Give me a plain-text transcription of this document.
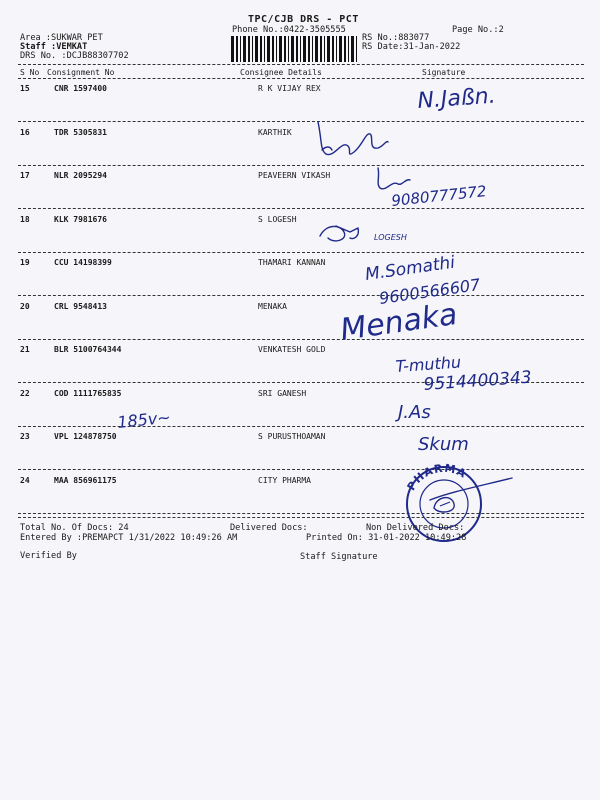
TPC/CJB DRS - PCT
Phone No.:0422-3505555	Page No.:2
Area :SUKWAR PET
Staff :VEMKAT
DRS No. :DCJB88307702
RS No.:883077
RS Date:31-Jan-2022
S No Consignment No	Consignee Details	Signature
15	CNR 1597400	R K VIJAY REX
16	TDR 5305831	KARTHIK
17	NLR 2095294	PEAVEERN VIKASH
18	KLK 7981676	S LOGESH
19	CCU 14198399	THAMARI KANNAN
20	CRL 9548413	MENAKA
21	BLR 5100764344	VENKATESH GOLD
22	COD 1111765835	SRI GANESH
23	VPL 124878750	S PURUSTHOAMAN
24	MAA 856961175	CITY PHARMA
N.Jaßn.
9080777572
LOGESH
M.Somathi
9600566607
Menaka
T-muthu
9514400343
J.As
185v~
Skum
PHARMA
Total No. Of Docs: 24	Delivered Docs:	Non Delivered Docs:
Entered By :PREMAPCT 1/31/2022 10:49:26 AM	Printed On: 31-01-2022 10:49:28
Verified By	Staff Signature
